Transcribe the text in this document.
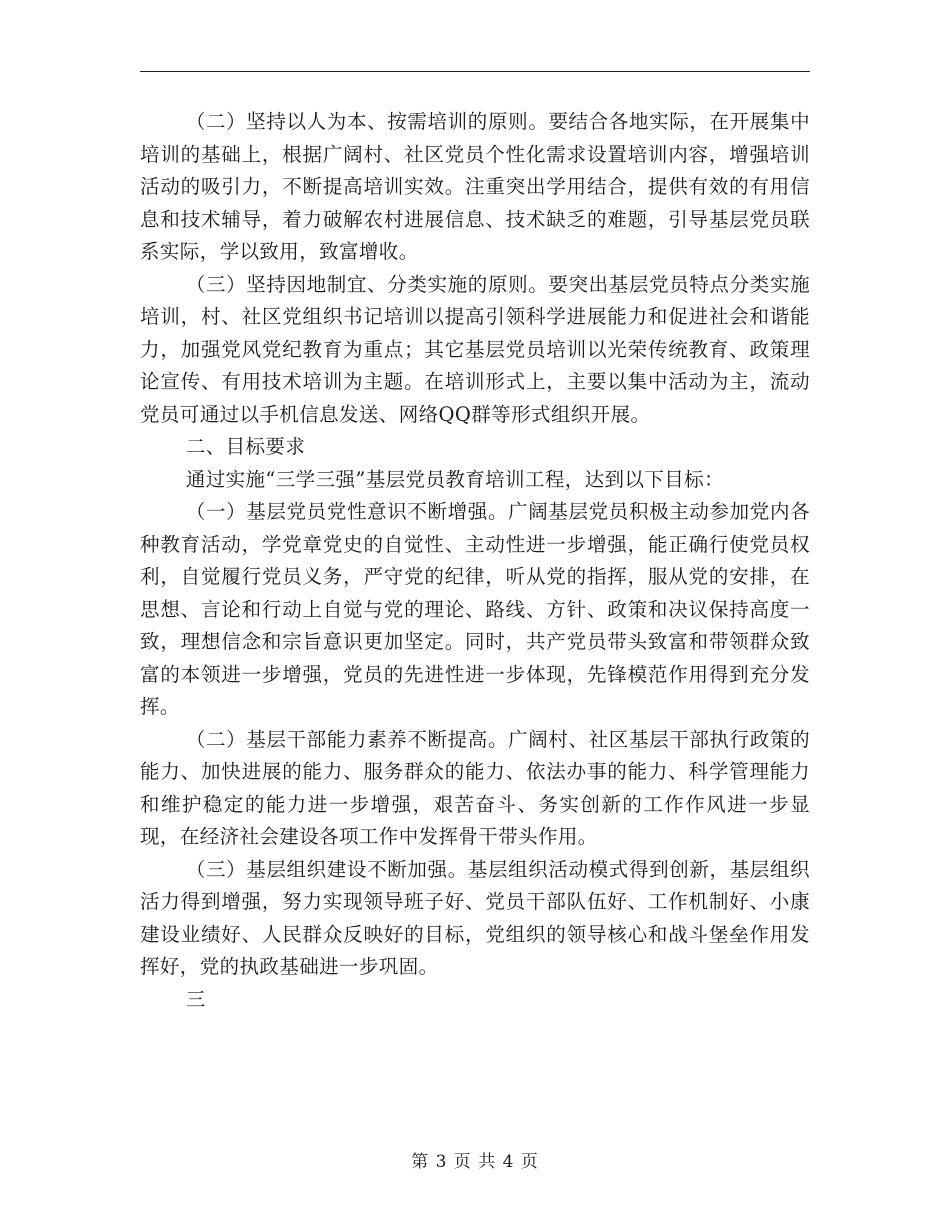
（二）坚持以人为本、按需培训的原则。要结合各地实际，在开展集中培训的基础上，根据广阔村、社区党员个性化需求设置培训内容，增强培训活动的吸引力，不断提高培训实效。注重突出学用结合，提供有效的有用信息和技术辅导，着力破解农村进展信息、技术缺乏的难题，引导基层党员联系实际，学以致用，致富增收。

（三）坚持因地制宜、分类实施的原则。要突出基层党员特点分类实施培训，村、社区党组织书记培训以提高引领科学进展能力和促进社会和谐能力，加强党风党纪教育为重点；其它基层党员培训以光荣传统教育、政策理论宣传、有用技术培训为主题。在培训形式上，主要以集中活动为主，流动党员可通过以手机信息发送、网络QQ群等形式组织开展。

二、目标要求

通过实施“三学三强”基层党员教育培训工程，达到以下目标：

（一）基层党员党性意识不断增强。广阔基层党员积极主动参加党内各种教育活动，学党章党史的自觉性、主动性进一步增强，能正确行使党员权利，自觉履行党员义务，严守党的纪律，听从党的指挥，服从党的安排，在思想、言论和行动上自觉与党的理论、路线、方针、政策和决议保持高度一致，理想信念和宗旨意识更加坚定。同时，共产党员带头致富和带领群众致富的本领进一步增强，党员的先进性进一步体现，先锋模范作用得到充分发挥。

（二）基层干部能力素养不断提高。广阔村、社区基层干部执行政策的能力、加快进展的能力、服务群众的能力、依法办事的能力、科学管理能力和维护稳定的能力进一步增强，艰苦奋斗、务实创新的工作作风进一步显现，在经济社会建设各项工作中发挥骨干带头作用。

（三）基层组织建设不断加强。基层组织活动模式得到创新，基层组织活力得到增强，努力实现领导班子好、党员干部队伍好、工作机制好、小康建设业绩好、人民群众反映好的目标，党组织的领导核心和战斗堡垒作用发挥好，党的执政基础进一步巩固。

三

第 3 页 共 4 页
